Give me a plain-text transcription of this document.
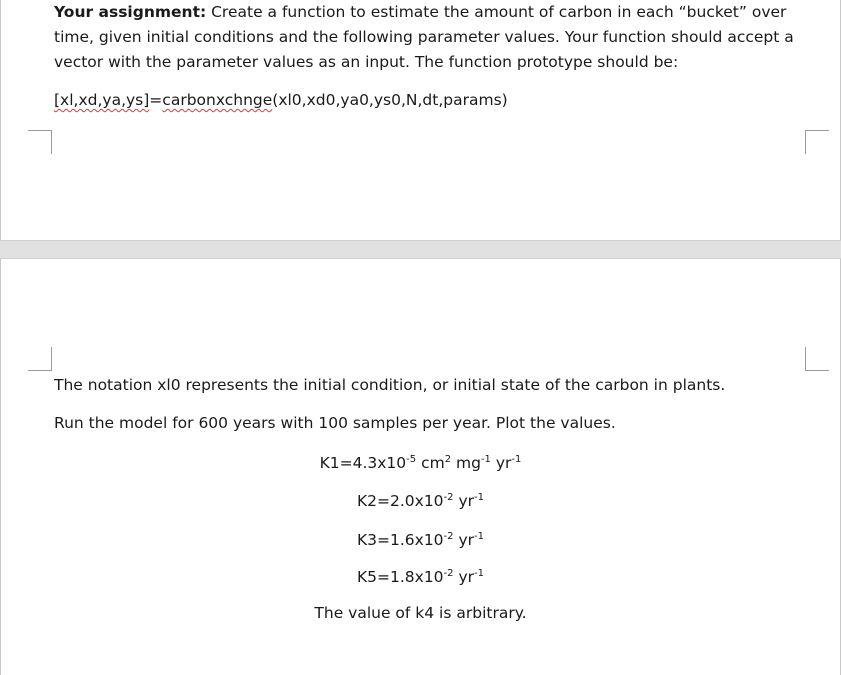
Your assignment: Create a function to estimate the amount of carbon in each “bucket” over time, given initial conditions and the following parameter values. Your function should accept a vector with the parameter values as an input. The function prototype should be:

[xl,xd,ya,ys]=carbonxchnge(xl0,xd0,ya0,ys0,N,dt,params)

The notation xl0 represents the initial condition, or initial state of the carbon in plants.

Run the model for 600 years with 100 samples per year. Plot the values.

$K1=4.3x10^{-5}$ $cm^2$ $mg^{-1}$ $yr^{-1}$

$K2=2.0x10^{-2}$ $yr^{-1}$

$K3=1.6x10^{-2}$ $yr^{-1}$

$K5=1.8x10^{-2}$ $yr^{-1}$

The value of k4 is arbitrary.
